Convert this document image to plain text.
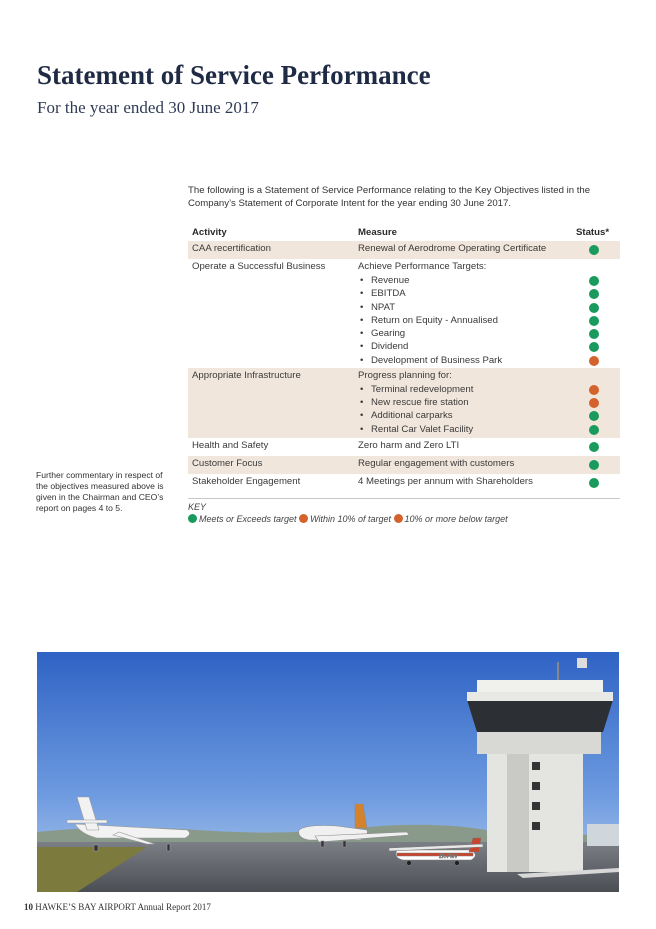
Statement of Service Performance
For the year ended 30 June 2017
The following is a Statement of Service Performance relating to the Key Objectives listed in the Company’s Statement of Corporate Intent for the year ending 30 June 2017.
Activity	Measure	Status*
CAA recertification	Renewal of Aerodrome Operating Certificate
Operate a Successful Business	Achieve Performance Targets:
• Revenue
• EBITDA
• NPAT
• Return on Equity - Annualised
• Gearing
• Dividend
• Development of Business Park
Appropriate Infrastructure	Progress planning for:
• Terminal redevelopment
• New rescue fire station
• Additional carparks
• Rental Car Valet Facility
Health and Safety	Zero harm and Zero LTI
Customer Focus	Regular engagement with customers
Stakeholder Engagement	4 Meetings per annum with Shareholders
KEY
Meets or Exceeds target Within 10% of target 10% or more below target
Further commentary in respect of the objectives measured above is given in the Chairman and CEO’s report on pages 4 to 5.
ZK-FMV
10 HAWKE’S BAY AIRPORT Annual Report 2017
